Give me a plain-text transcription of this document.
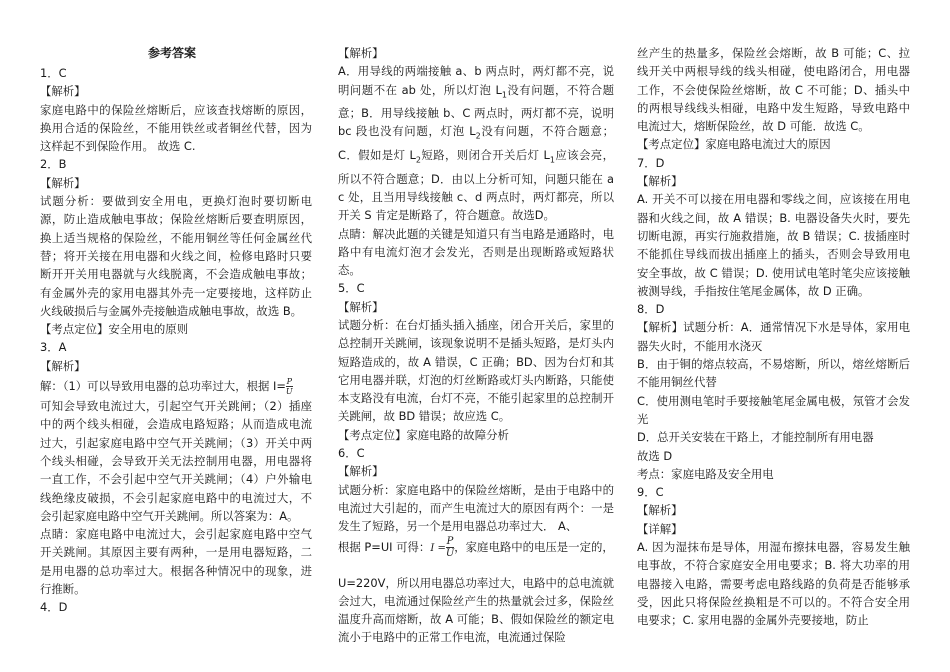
参考答案

1．C

【解析】

家庭电路中的保险丝熔断后，应该查找熔断的原因，换用合适的保险丝，不能用铁丝或者铜丝代替，因为这样起不到保险作用。 故选 C.

2．B

【解析】

试题分析：要做到安全用电，更换灯泡时要切断电源，防止造成触电事故；保险丝熔断后要查明原因，换上适当规格的保险丝，不能用铜丝等任何金属丝代替；将开关接在用电器和火线之间，检修电路时只要断开开关用电器就与火线脱离，不会造成触电事故；有金属外壳的家用电器其外壳一定要接地，这样防止火线破损后与金属外壳接触造成触电事故，故选 B。

【考点定位】安全用电的原则

3．A

【解析】

解：（1）可以导致用电器的总功率过大，根据 $I= \frac{P}{U}$

可知会导致电流过大，引起空气开关跳闸；（2）插座中的两个线头相碰，会造成电路短路；从而造成电流过大，引起家庭电路中空气开关跳闸；（3）开关中两个线头相碰，会导致开关无法控制用电器，用电器将一直工作，不会引起中空气开关跳闸；（4）户外输电线绝缘皮破损，不会引起家庭电路中的电流过大，不会引起家庭电路中空气开关跳闸。所以答案为：A。

点睛：家庭电路中电流过大，会引起家庭电路中空气开关跳闸。其原因主要有两种，一是用电器短路，二是用电器的总功率过大。根据各种情况中的现象，进行推断。

4．D

【解析】

A．用导线的两端接触 a、b 两点时，两灯都不亮，说明问题不在 ab 处，所以灯泡 $L_1$没有问题，不符合题意；B．用导线接触 b、C 两点时，两灯都不亮，说明 bc 段也没有问题，灯泡 $L_2$没有问题，不符合题意；C．假如是灯 $L_2$短路，则闭合开关后灯 $L_1$应该会亮，所以不符合题意；D．由以上分析可知，问题只能在 ac 处，且当用导线接触 c、d 两点时，两灯都亮，所以开关 S 肯定是断路了，符合题意。故选D。

点睛：解决此题的关键是知道只有当电路是通路时，电路中有电流灯泡才会发光，否则是出现断路或短路状态。

5．C

【解析】

试题分析：在台灯插头插入插座，闭合开关后，家里的总控制开关跳闸，该现象说明不是插头短路，是灯头内短路造成的，故 A 错误，C 正确；BD、因为台灯和其它用电器并联，灯泡的灯丝断路或灯头内断路，只能使本支路没有电流，台灯不亮，不能引起家里的总控制开关跳闸，故 BD 错误；故应选 C。

【考点定位】家庭电路的故障分析

6．C

【解析】

试题分析：家庭电路中的保险丝熔断，是由于电路中的电流过大引起的，而产生电流过大的原因有两个：一是发生了短路，另一个是用电器总功率过大． A、

根据 P=UI 可得：$I = \frac{P}{U}$ ，家庭电路中的电压是一定的，

U=220V，所以用电器总功率过大，电路中的总电流就会过大，电流通过保险丝产生的热量就会过多，保险丝温度升高而熔断，故 A 可能；B、假如保险丝的额定电流小于电路中的正常工作电流，电流通过保险

丝产生的热量多，保险丝会熔断，故 B 可能；C、拉线开关中两根导线的线头相碰，使电路闭合，用电器工作，不会使保险丝熔断，故 C 不可能；D、插头中的两根导线线头相碰，电路中发生短路，导致电路中电流过大，熔断保险丝，故 D 可能．故选 C。

【考点定位】家庭电路电流过大的原因

7．D

【解析】

A. 开关不可以接在用电器和零线之间，应该接在用电器和火线之间，故 A 错误；B. 电器设备失火时，要先切断电源，再实行施救措施，故 B 错误；C. 拔插座时不能抓住导线而拔出插座上的插头，否则会导致用电安全事故，故 C 错误；D. 使用试电笔时笔尖应该接触被测导线，手指按住笔尾金属体，故 D 正确。

8．D

【解析】试题分析：A．通常情况下水是导体，家用电器失火时，不能用水浇灭

B．由于铜的熔点较高，不易熔断，所以，熔丝熔断后不能用铜丝代替

C．使用测电笔时手要接触笔尾金属电极，氖管才会发光

D．总开关安装在干路上，才能控制所有用电器

故选 D

考点：家庭电路及安全用电

9．C

【解析】

【详解】

A. 因为湿抹布是导体，用湿布擦抹电器，容易发生触电事故，不符合家庭安全用电要求；B. 将大功率的用电器接入电路，需要考虑电路线路的负荷是否能够承受，因此只将保险丝换粗是不可以的。不符合安全用电要求；C. 家用电器的金属外壳要接地，防止
